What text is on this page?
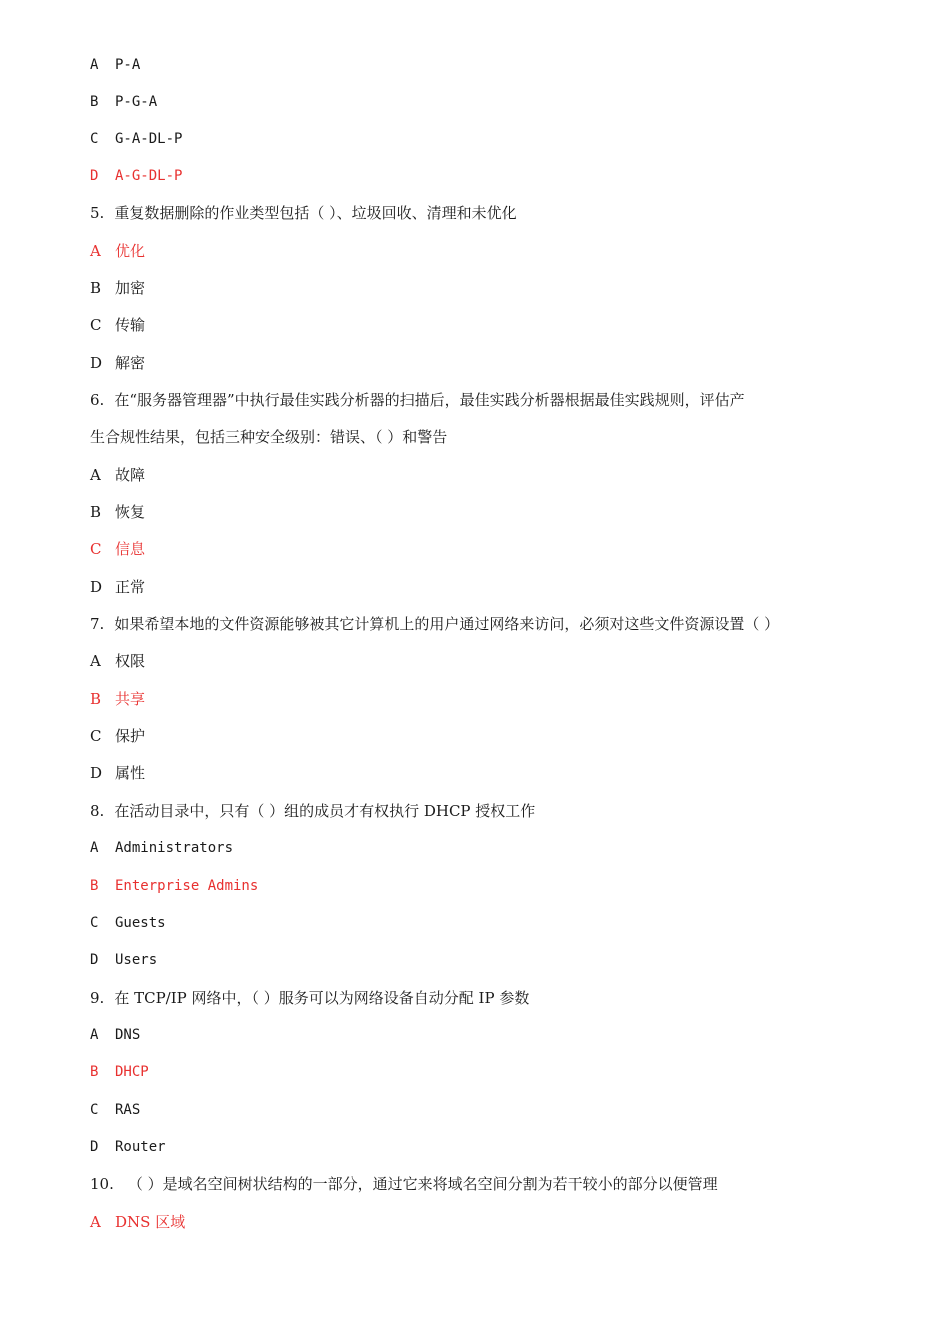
A	P-A
B	P-G-A
C	G-A-DL-P
D	A-G-DL-P
5. 重复数据删除的作业类型包括（ ）、垃圾回收、清理和未优化
A 优化
B 加密
C 传输
D 解密
6. 在“服务器管理器”中执行最佳实践分析器的扫描后，最佳实践分析器根据最佳实践规则，评估产
生合规性结果，包括三种安全级别：错误、（ ）和警告
A 故障
B 恢复
C 信息
D 正常
7. 如果希望本地的文件资源能够被其它计算机上的用户通过网络来访问，必须对这些文件资源设置（ ）
A 权限
B 共享
C 保护
D 属性
8. 在活动目录中，只有（ ）组的成员才有权执行 DHCP 授权工作
A	Administrators
B	Enterprise Admins
C	Guests
D	Users
9. 在 TCP/IP 网络中，（ ）服务可以为网络设备自动分配 IP 参数
A	DNS
B	DHCP
C	RAS
D	Router
10. （ ）是域名空间树状结构的一部分，通过它来将域名空间分割为若干较小的部分以便管理
A DNS 区域
